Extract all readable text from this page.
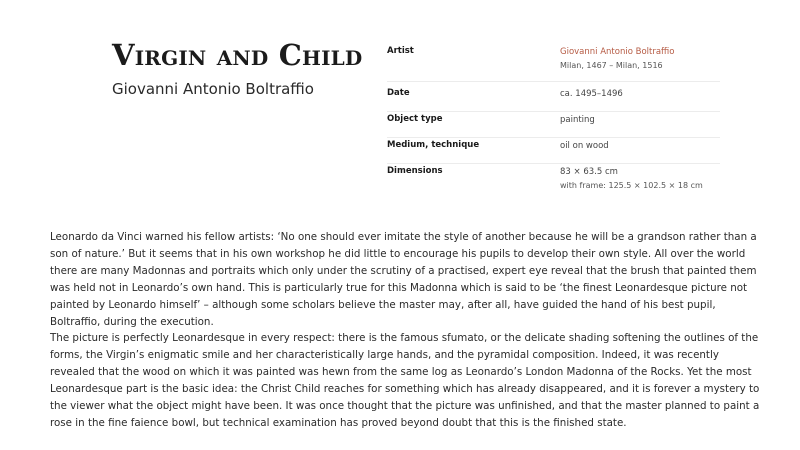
Virgin and Child
Giovanni Antonio Boltraffio
Artist	Giovanni Antonio Boltraffio
Milan, 1467 – Milan, 1516
Date	ca. 1495–1496
Object type	painting
Medium, technique	oil on wood
Dimensions	83 × 63.5 cm
with frame: 125.5 × 102.5 × 18 cm

Leonardo da Vinci warned his fellow artists: ‘No one should ever imitate the style of another because he will be a grandson rather than a son of nature.’ But it seems that in his own workshop he did little to encourage his pupils to develop their own style. All over the world there are many Madonnas and portraits which only under the scrutiny of a practised, expert eye reveal that the brush that painted them was held not in Leonardo’s own hand. This is particularly true for this Madonna which is said to be ‘the finest Leonardesque picture not painted by Leonardo himself’ – although some scholars believe the master may, after all, have guided the hand of his best pupil, Boltraffio, during the execution.

The picture is perfectly Leonardesque in every respect: there is the famous sfumato, or the delicate shading softening the outlines of the forms, the Virgin’s enigmatic smile and her characteristically large hands, and the pyramidal composition. Indeed, it was recently revealed that the wood on which it was painted was hewn from the same log as Leonardo’s London Madonna of the Rocks. Yet the most Leonardesque part is the basic idea: the Christ Child reaches for something which has already disappeared, and it is forever a mystery to the viewer what the object might have been. It was once thought that the picture was unfinished, and that the master planned to paint a rose in the fine faience bowl, but technical examination has proved beyond doubt that this is the finished state.
